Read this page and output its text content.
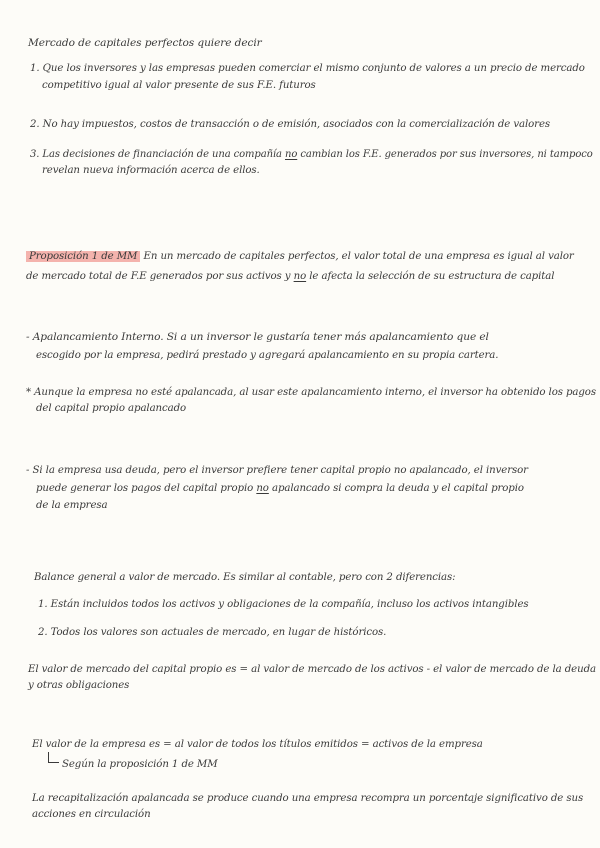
Mercado de capitales perfectos quiere decir
1. Que los inversores y las empresas pueden comerciar el mismo conjunto de valores a un precio de mercado
competitivo igual al valor presente de sus F.E. futuros
2. No hay impuestos, costos de transacción o de emisión, asociados con la comercialización de valores
3. Las decisiones de financiación de una compañía no cambian los F.E. generados por sus inversores, ni tampoco
revelan nueva información acerca de ellos.
Proposición 1 de MM En un mercado de capitales perfectos, el valor total de una empresa es igual al valor
de mercado total de F.E generados por sus activos y no le afecta la selección de su estructura de capital
- Apalancamiento Interno. Si a un inversor le gustaría tener más apalancamiento que el
escogido por la empresa, pedirá prestado y agregará apalancamiento en su propia cartera.
* Aunque la empresa no esté apalancada, al usar este apalancamiento interno, el inversor ha obtenido los pagos
del capital propio apalancado
- Si la empresa usa deuda, pero el inversor prefiere tener capital propio no apalancado, el inversor
puede generar los pagos del capital propio no apalancado si compra la deuda y el capital propio
de la empresa
Balance general a valor de mercado. Es similar al contable, pero con 2 diferencias:
1. Están incluidos todos los activos y obligaciones de la compañía, incluso los activos intangibles
2. Todos los valores son actuales de mercado, en lugar de históricos.
El valor de mercado del capital propio es = al valor de mercado de los activos - el valor de mercado de la deuda
y otras obligaciones
El valor de la empresa es = al valor de todos los títulos emitidos = activos de la empresa
Según la proposición 1 de MM
La recapitalización apalancada se produce cuando una empresa recompra un porcentaje significativo de sus
acciones en circulación
